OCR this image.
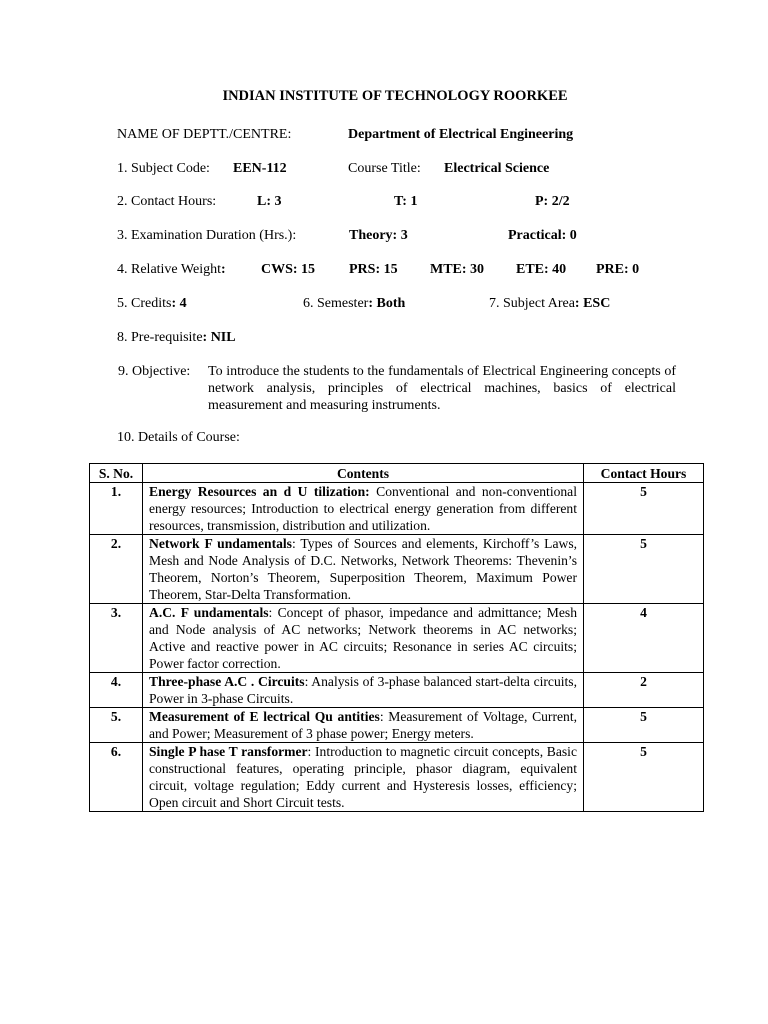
INDIAN INSTITUTE OF TECHNOLOGY ROORKEE
NAME OF DEPTT./CENTRE:	Department of Electrical Engineering
1. Subject Code: EEN-112	Course Title: Electrical Science
2. Contact Hours:	L: 3	T: 1	P: 2/2
3. Examination Duration (Hrs.):	Theory: 3	Practical: 0
4. Relative Weight:	CWS: 15 PRS: 15 MTE: 30 ETE: 40 PRE: 0
5. Credits: 4	6. Semester: Both	7. Subject Area: ESC
8. Pre-requisite: NIL
9. Objective:	To introduce the students to the fundamentals of Electrical Engineering concepts of network analysis, principles of electrical machines, basics of electrical measurement and measuring instruments.
10. Details of Course:
S. No.	Contents	Contact Hours
1.	Energy Resources an d U tilization: Conventional and non-conventional energy resources; Introduction to electrical energy generation from different resources, transmission, distribution and utilization.	5
2.	Network F undamentals: Types of Sources and elements, Kirchoff’s Laws, Mesh and Node Analysis of D.C. Networks, Network Theorems: Thevenin’s Theorem, Norton’s Theorem, Superposition Theorem, Maximum Power Theorem, Star-Delta Transformation.	5
3.	A.C. F undamentals: Concept of phasor, impedance and admittance; Mesh and Node analysis of AC networks; Network theorems in AC networks; Active and reactive power in AC circuits; Resonance in series AC circuits; Power factor correction.	4
4.	Three-phase A.C . Circuits: Analysis of 3-phase balanced start-delta circuits, Power in 3-phase Circuits.	2
5.	Measurement of E lectrical Qu antities: Measurement of Voltage, Current, and Power; Measurement of 3 phase power; Energy meters.	5
6.	Single P hase T ransformer: Introduction to magnetic circuit concepts, Basic constructional features, operating principle, phasor diagram, equivalent circuit, voltage regulation; Eddy current and Hysteresis losses, efficiency; Open circuit and Short Circuit tests.	5
